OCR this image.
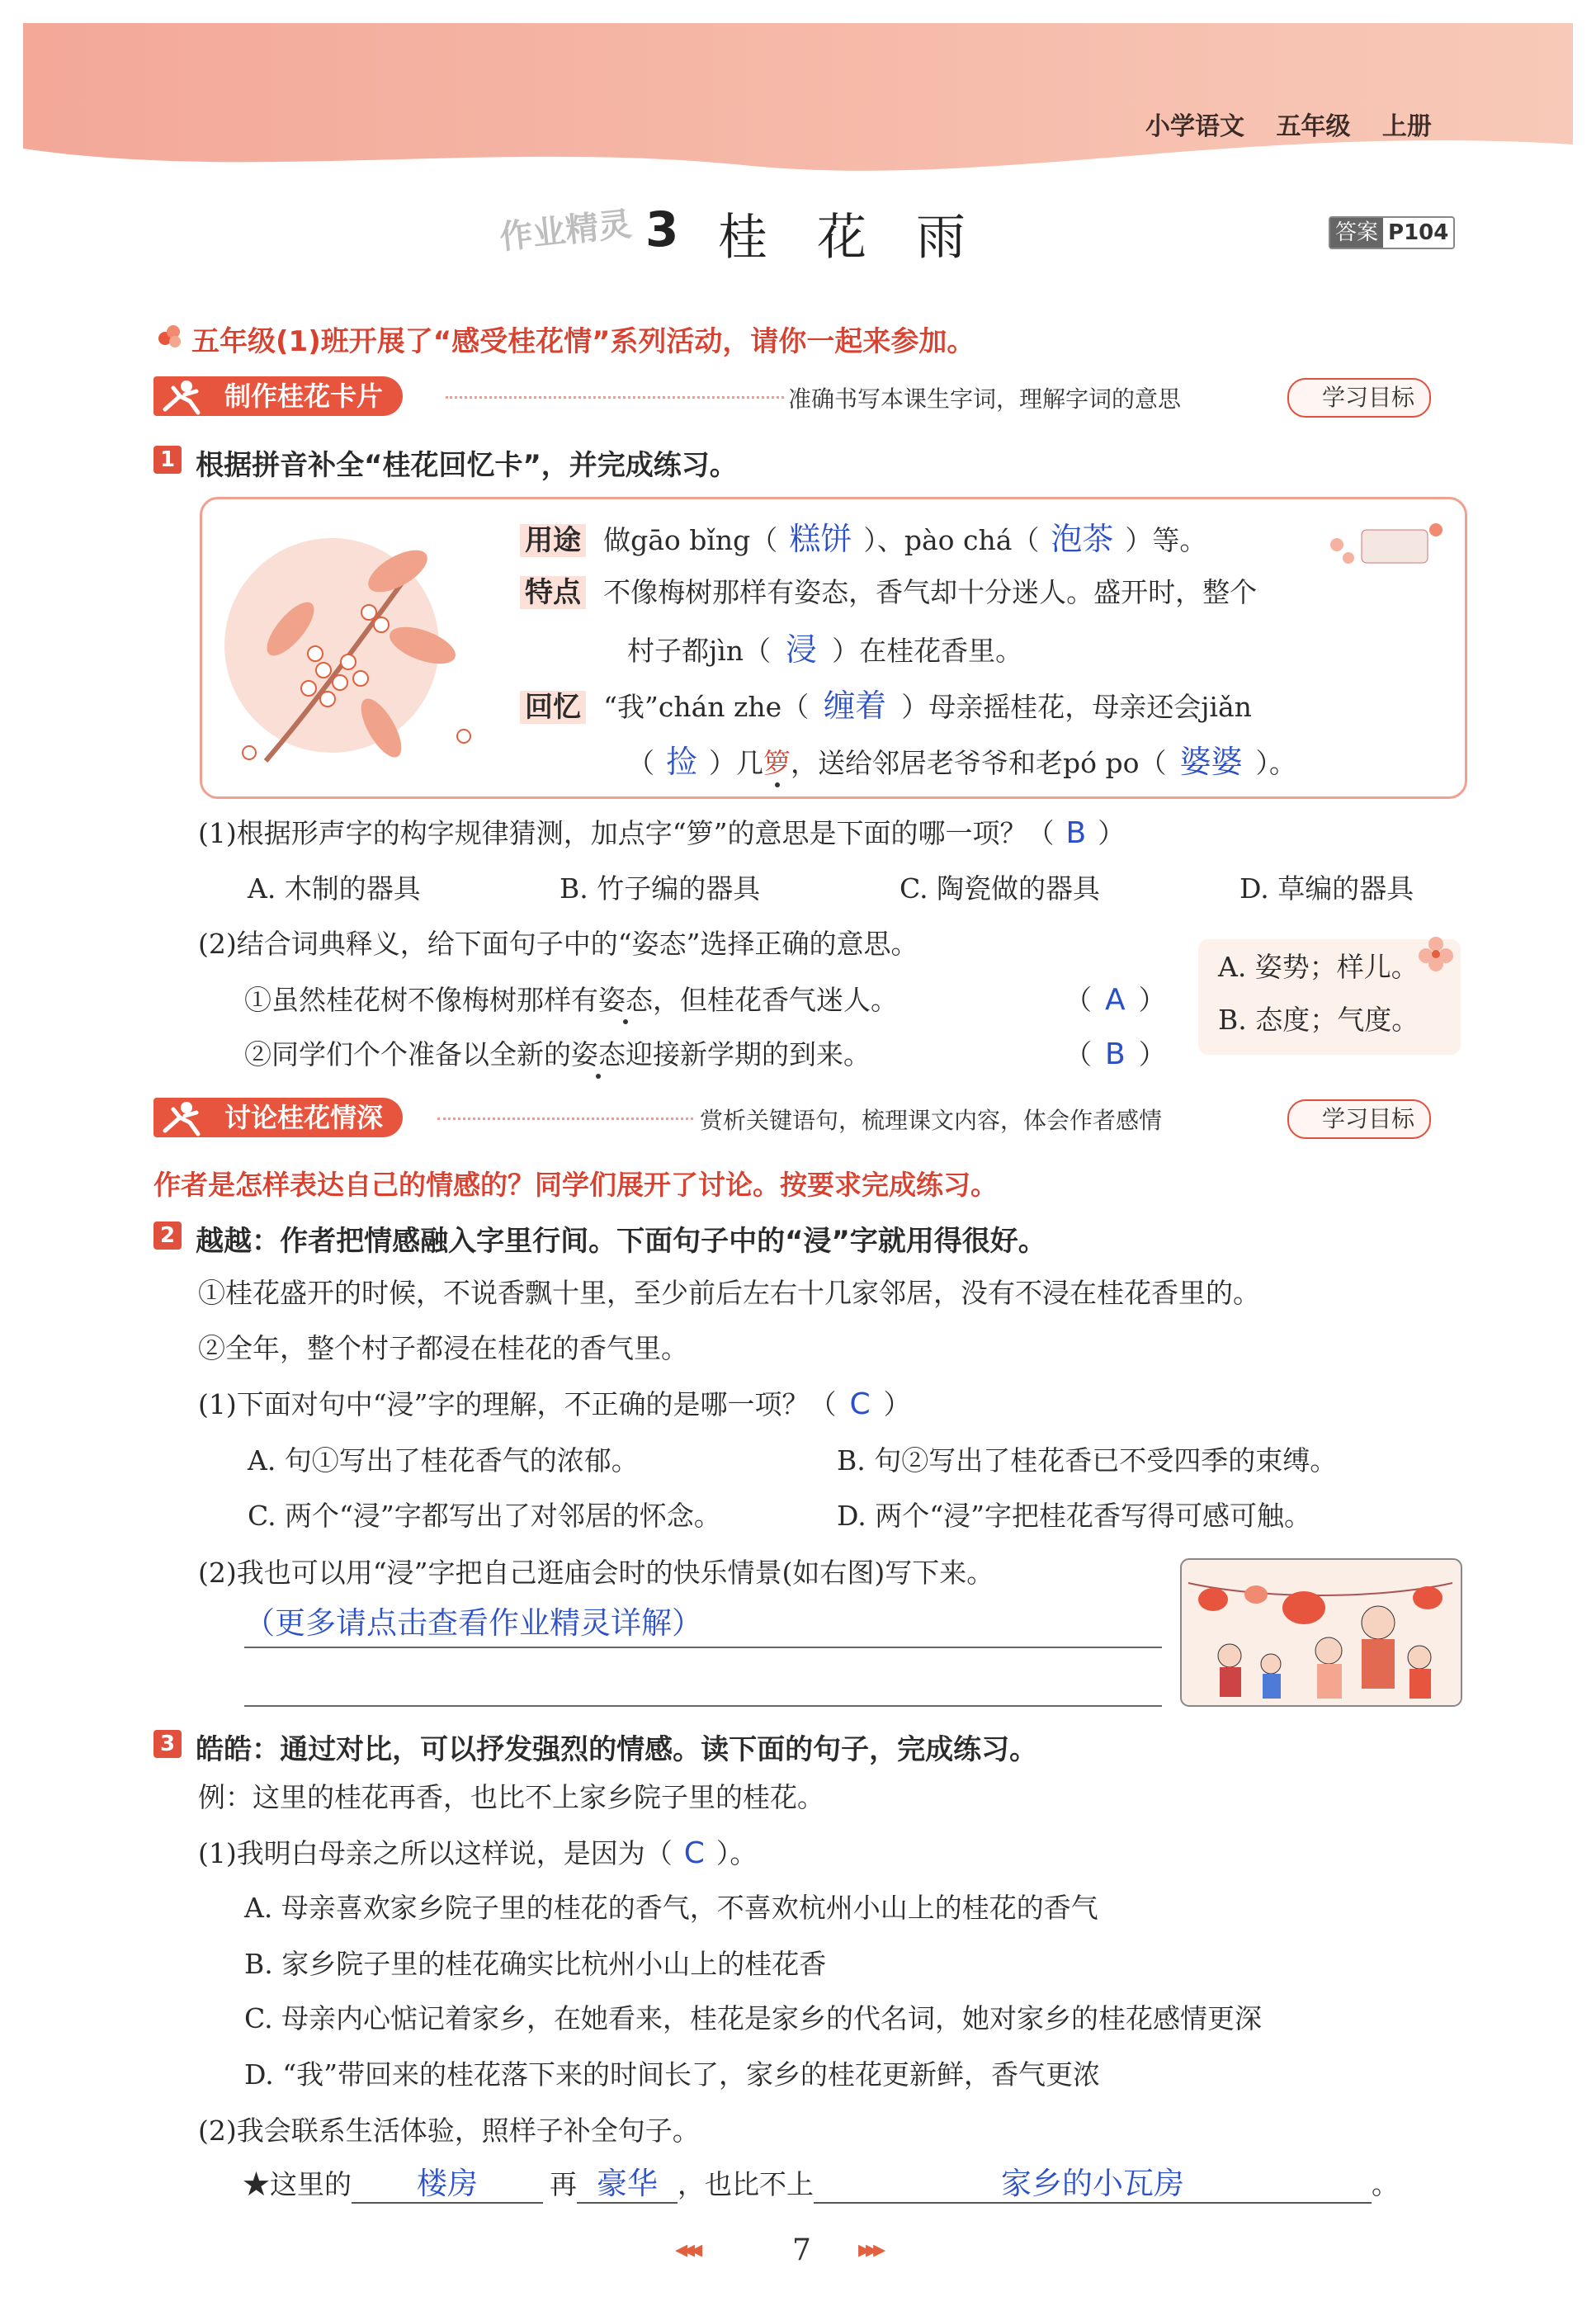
小学语文 五年级 上册
作业精灵 3 桂　花　雨	答案 P104
五年级(1)班开展了“感受桂花情”系列活动，请你一起来参加。
制作桂花卡片	准确书写本课生字词，理解字词的意思	学习目标
1 根据拼音补全“桂花回忆卡”，并完成练习。
用途 做gāo bǐng（ 糕饼 ）、pào chá（ 泡茶 ）等。
特点 不像梅树那样有姿态，香气却十分迷人。盛开时，整个
村子都jìn（ 浸 ）在桂花香里。
回忆 “我”chán zhe（ 缠着 ）母亲摇桂花，母亲还会jiǎn
（ 捡 ）几箩，送给邻居老爷爷和老pó po（ 婆婆 ）。
(1)根据形声字的构字规律猜测，加点字“箩”的意思是下面的哪一项？（ B ）
A. 木制的器具	B. 竹子编的器具	C. 陶瓷做的器具	D. 草编的器具
(2)结合词典释义，给下面句子中的“姿态”选择正确的意思。
①虽然桂花树不像梅树那样有姿态，但桂花香气迷人。	（ A ）
②同学们个个准备以全新的姿态迎接新学期的到来。	（ B ）
A. 姿势；样儿。
B. 态度；气度。
讨论桂花情深	赏析关键语句，梳理课文内容，体会作者感情	学习目标
作者是怎样表达自己的情感的？同学们展开了讨论。按要求完成练习。
2 越越：作者把情感融入字里行间。下面句子中的“浸”字就用得很好。
①桂花盛开的时候，不说香飘十里，至少前后左右十几家邻居，没有不浸在桂花香里的。
②全年，整个村子都浸在桂花的香气里。
(1)下面对句中“浸”字的理解，不正确的是哪一项？（ C ）
A. 句①写出了桂花香气的浓郁。	B. 句②写出了桂花香已不受四季的束缚。
C. 两个“浸”字都写出了对邻居的怀念。	D. 两个“浸”字把桂花香写得可感可触。
(2)我也可以用“浸”字把自己逛庙会时的快乐情景(如右图)写下来。
（更多请点击查看作业精灵详解）
3 皓皓：通过对比，可以抒发强烈的情感。读下面的句子，完成练习。
例：这里的桂花再香，也比不上家乡院子里的桂花。
(1)我明白母亲之所以这样说，是因为（ C ）。
A. 母亲喜欢家乡院子里的桂花的香气，不喜欢杭州小山上的桂花的香气
B. 家乡院子里的桂花确实比杭州小山上的桂花香
C. 母亲内心惦记着家乡，在她看来，桂花是家乡的代名词，她对家乡的桂花感情更深
D. “我”带回来的桂花落下来的时间长了，家乡的桂花更新鲜，香气更浓
(2)我会联系生活体验，照样子补全句子。
★这里的 楼房	再 豪华 ，也比不上	家乡的小瓦房	。
◂◂◂	7 ▸▸▸
